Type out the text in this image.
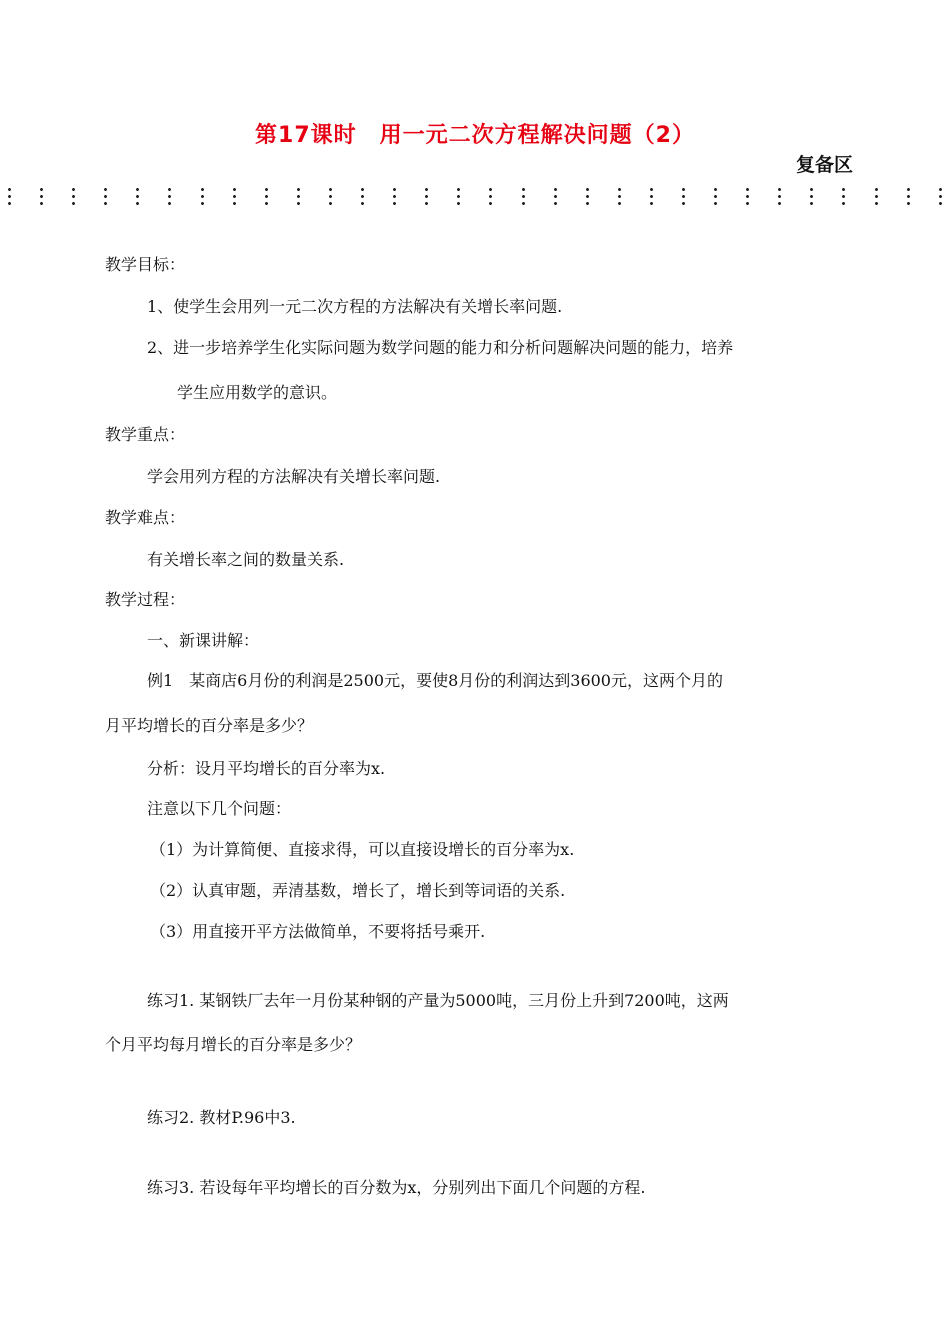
第17课时　用一元二次方程解决问题（2）
复备区
教学目标：
1、使学生会用列一元二次方程的方法解决有关增长率问题.
2、进一步培养学生化实际问题为数学问题的能力和分析问题解决问题的能力，培养
学生应用数学的意识。
教学重点：
学会用列方程的方法解决有关增长率问题.
教学难点：
有关增长率之间的数量关系.
教学过程：
一、新课讲解：
例1　某商店6月份的利润是2500元，要使8月份的利润达到3600元，这两个月的
月平均增长的百分率是多少？
分析：设月平均增长的百分率为x.
注意以下几个问题：
（1）为计算简便、直接求得，可以直接设增长的百分率为x.
（2）认真审题，弄清基数，增长了，增长到等词语的关系.
（3）用直接开平方法做简单，不要将括号乘开.
练习1. 某钢铁厂去年一月份某种钢的产量为5000吨，三月份上升到7200吨，这两
个月平均每月增长的百分率是多少？
练习2. 教材P.96中3.
练习3. 若设每年平均增长的百分数为x，分别列出下面几个问题的方程.
